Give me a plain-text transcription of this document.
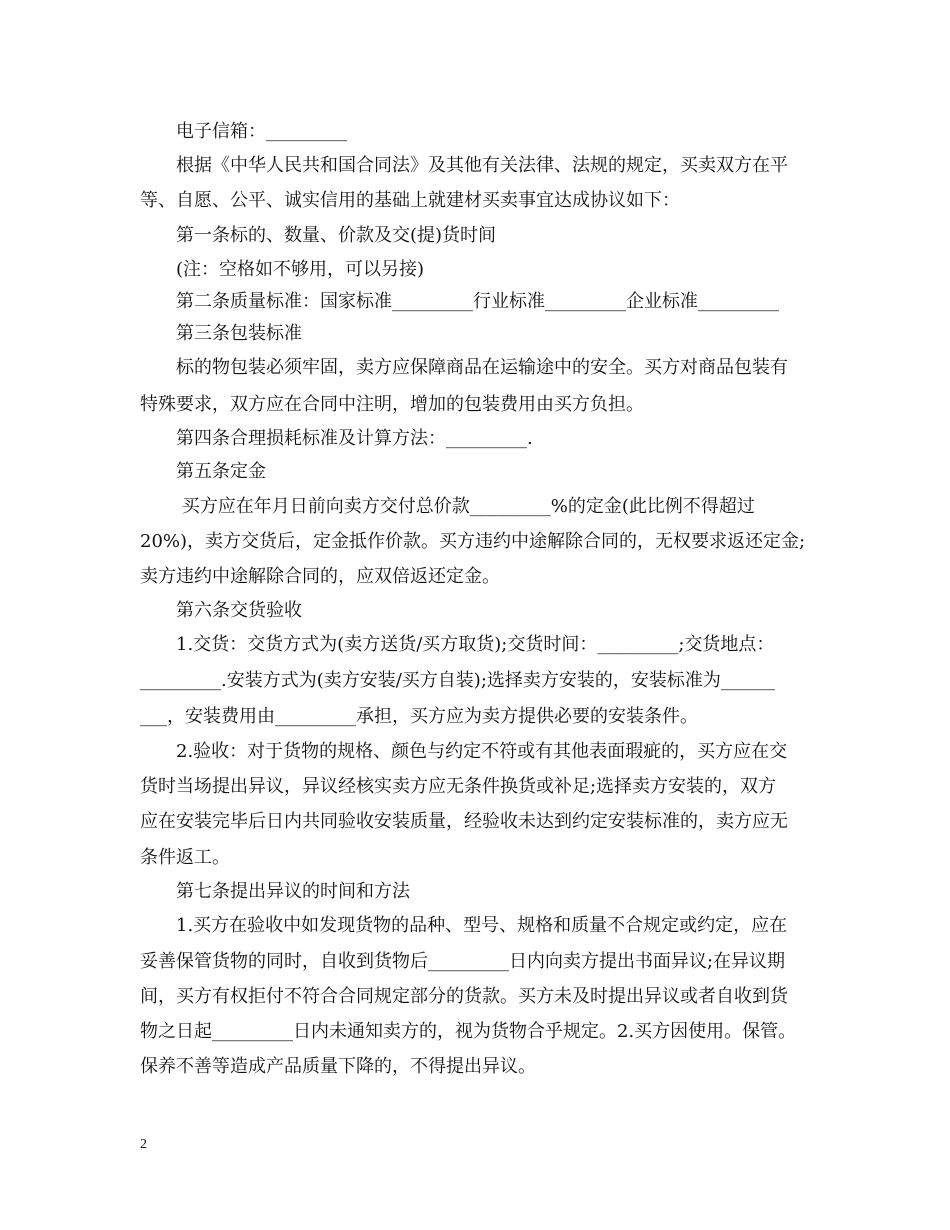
　　电子信箱：_________
　　根据《中华人民共和国合同法》及其他有关法律、法规的规定，买卖双方在平
等、自愿、公平、诚实信用的基础上就建材买卖事宜达成协议如下：
　　第一条标的、数量、价款及交(提)货时间
　　(注：空格如不够用，可以另接)
　　第二条质量标准：国家标准_________行业标准_________企业标准_________
　　第三条包装标准
　　标的物包装必须牢固，卖方应保障商品在运输途中的安全。买方对商品包装有
特殊要求，双方应在合同中注明，增加的包装费用由买方负担。
　　第四条合理损耗标准及计算方法：_________.
　　第五条定金
　　 买方应在年月日前向卖方交付总价款_________%的定金(此比例不得超过
20%)，卖方交货后，定金抵作价款。买方违约中途解除合同的，无权要求返还定金;
卖方违约中途解除合同的，应双倍返还定金。
　　第六条交货验收
　　1.交货：交货方式为(卖方送货/买方取货);交货时间：_________;交货地点：
_________.安装方式为(卖方安装/买方自装);选择卖方安装的，安装标准为______
___，安装费用由_________承担，买方应为卖方提供必要的安装条件。
　　2.验收：对于货物的规格、颜色与约定不符或有其他表面瑕疵的，买方应在交
货时当场提出异议，异议经核实卖方应无条件换货或补足;选择卖方安装的，双方
应在安装完毕后日内共同验收安装质量，经验收未达到约定安装标准的，卖方应无
条件返工。
　　第七条提出异议的时间和方法
　　1.买方在验收中如发现货物的品种、型号、规格和质量不合规定或约定，应在
妥善保管货物的同时，自收到货物后_________日内向卖方提出书面异议;在异议期
间，买方有权拒付不符合合同规定部分的货款。买方未及时提出异议或者自收到货
物之日起_________日内未通知卖方的，视为货物合乎规定。2.买方因使用。保管。
保养不善等造成产品质量下降的，不得提出异议。
2
